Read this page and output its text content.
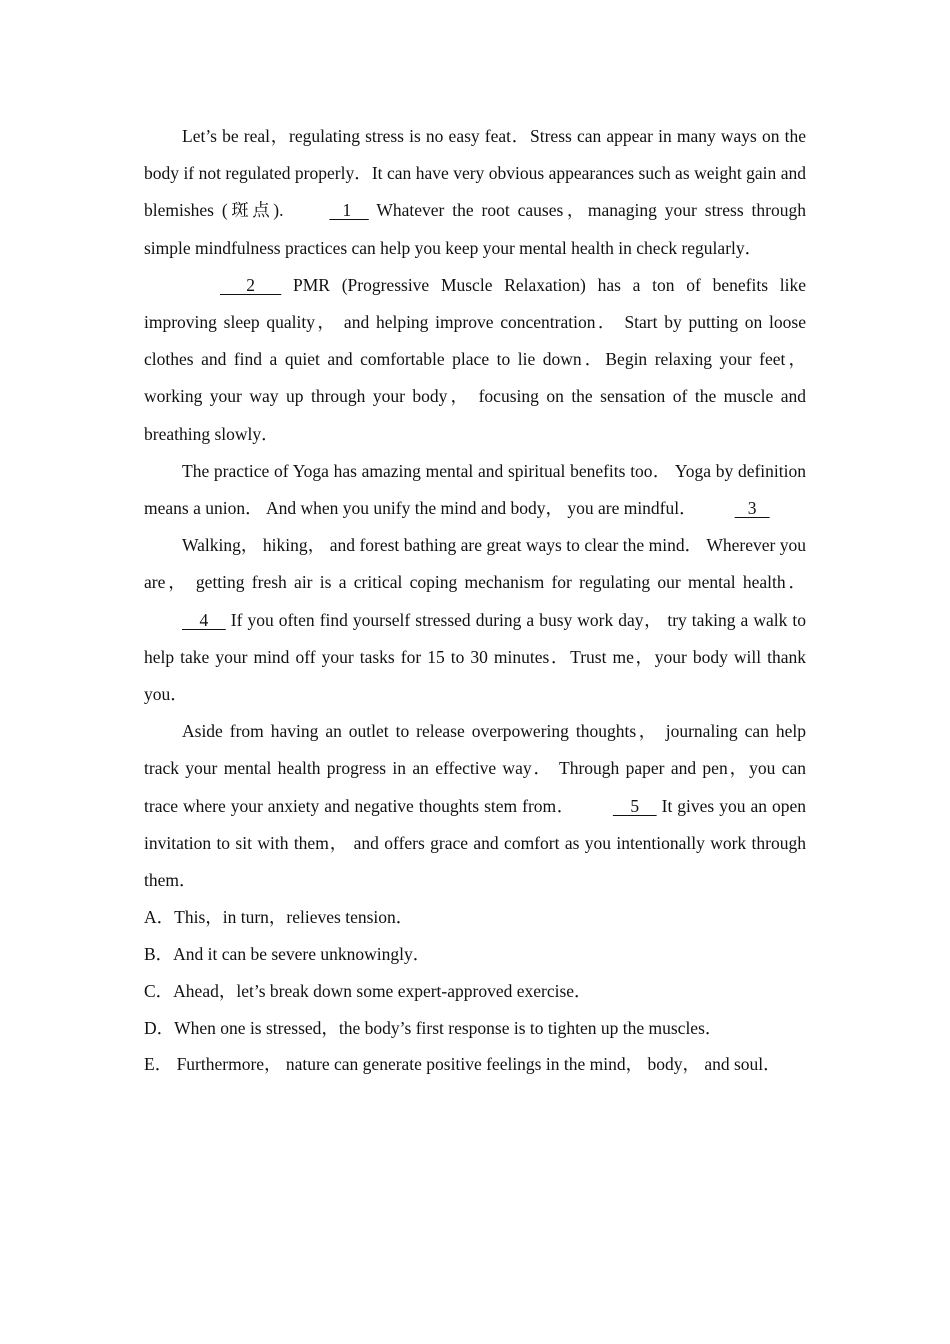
Let’s be real，regulating stress is no easy feat．Stress can appear in many ways on the body if not regulated properly．It can have very obvious appearances such as weight gain and blemishes (斑点).    1     Whatever the root causes，managing your stress through simple mindfulness practices can help you keep your mental health in check regularly．

2       PMR (Progressive Muscle Relaxation) has a ton of benefits like improving sleep quality， and helping improve concentration． Start by putting on loose clothes and find a quiet and comfortable place to lie down．Begin relaxing your feet， working your way up through your body， focusing on the sensation of the muscle and breathing slowly．

The practice of Yoga has amazing mental and spiritual benefits too． Yoga by definition means a union． And when you unify the mind and body， you are mindful．   3

Walking， hiking， and forest bathing are great ways to clear the mind． Wherever you are， getting fresh air is a critical coping mechanism for regulating our mental health．    4     If you often find yourself stressed during a busy work day， try taking a walk to help take your mind off your tasks for 15 to 30 minutes．Trust me，your body will thank you．

Aside from having an outlet to release overpowering thoughts， journaling can help track your mental health progress in an effective way． Through paper and pen，you can trace where your anxiety and negative thoughts stem from．    5     It gives you an open invitation to sit with them， and offers grace and comfort as you intentionally work through them．

A．This，in turn，relieves tension．

B．And it can be severe unknowingly．

C．Ahead，let’s break down some expert-approved exercise．

D．When one is stressed，the body’s first response is to tighten up the muscles．

E． Furthermore， nature can generate positive feelings in the mind， body， and soul．
